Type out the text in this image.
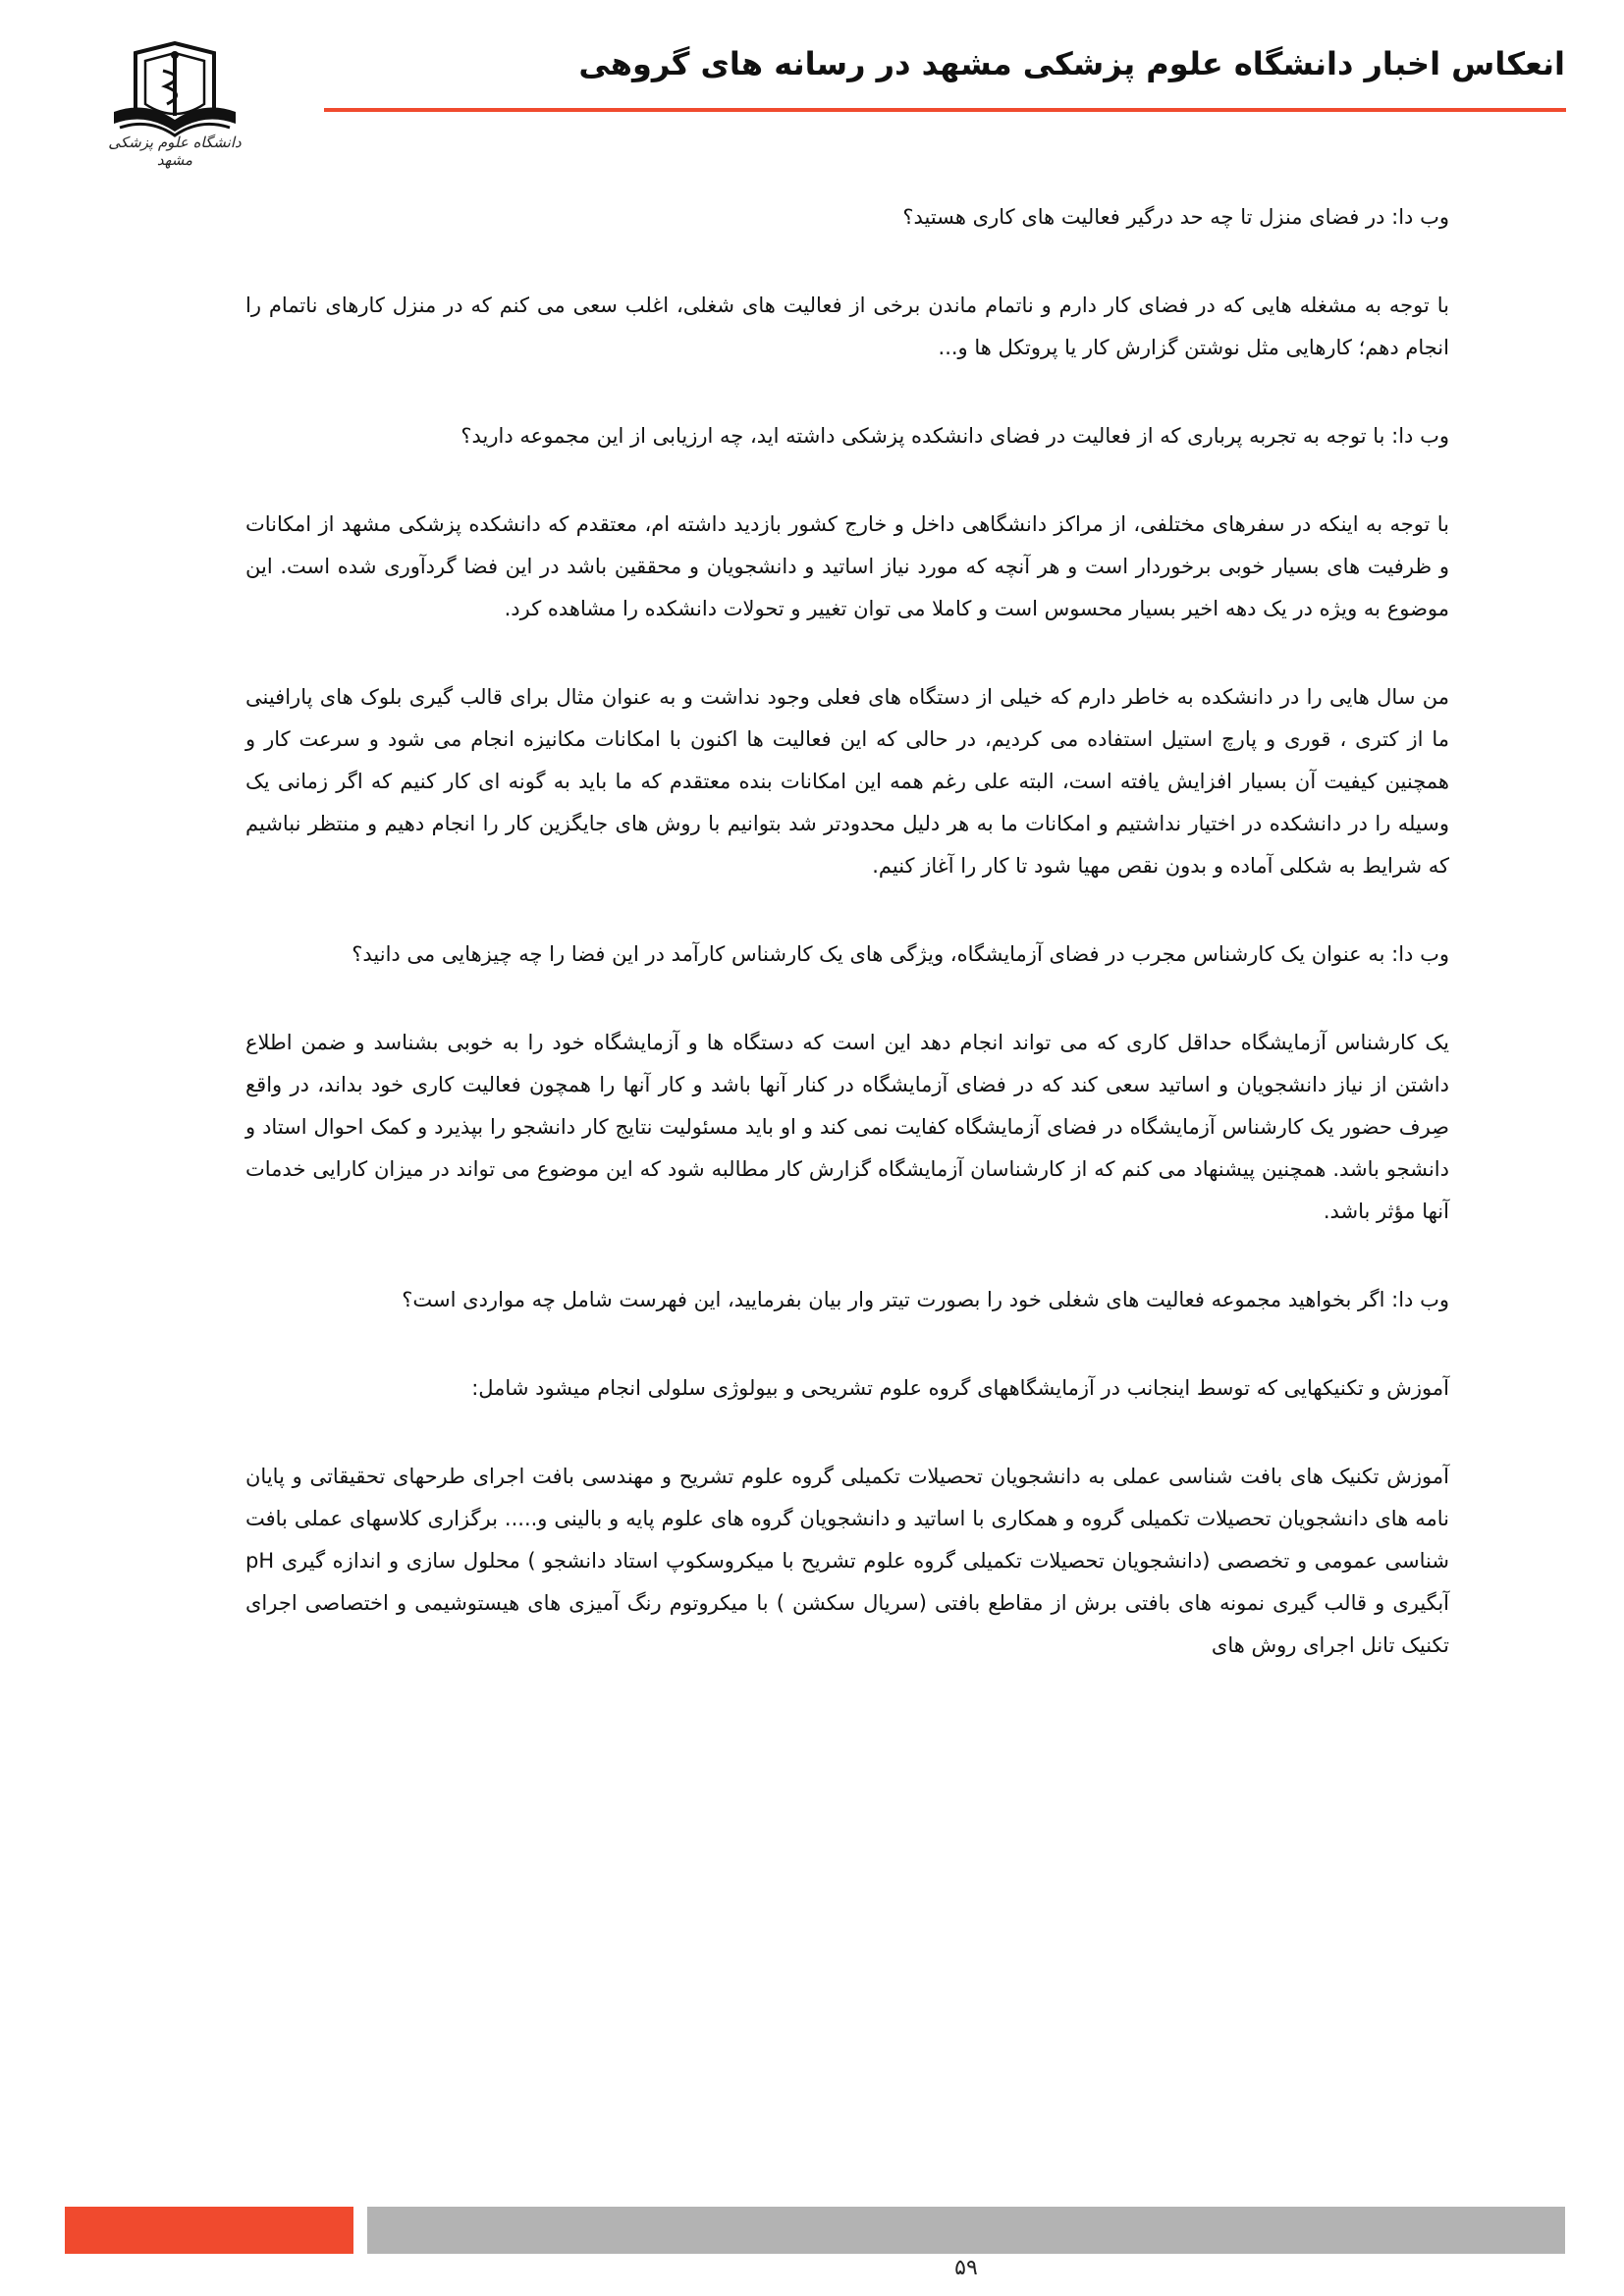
انعکاس اخبار دانشگاه علوم پزشکی مشهد در رسانه های گروهی
دانشگاه علوم پزشکی مشهد

وب دا: در فضای منزل تا چه حد درگیر فعالیت های کاری هستید؟

با توجه به مشغله هایی که در فضای کار دارم و ناتمام ماندن برخی از فعالیت های شغلی، اغلب سعی می کنم که در منزل کارهای ناتمام را انجام دهم؛ کارهایی مثل نوشتن گزارش کار یا پروتکل ها و...

وب دا: با توجه به تجربه پرباری که از فعالیت در فضای دانشکده پزشکی داشته اید، چه ارزیابی از این مجموعه دارید؟

با توجه به اینکه در سفرهای مختلفی، از مراکز دانشگاهی داخل و خارج کشور بازدید داشته ام، معتقدم که دانشکده پزشکی مشهد از امکانات و ظرفیت های بسیار خوبی برخوردار است و هر آنچه که مورد نیاز اساتید و دانشجویان و محققین باشد در این فضا گردآوری شده است. این موضوع به ویژه در یک دهه اخیر بسیار محسوس است و کاملا می توان تغییر و تحولات دانشکده را مشاهده کرد.

من سال هایی را در دانشکده به خاطر دارم که خیلی از دستگاه های فعلی وجود نداشت و به عنوان مثال برای قالب گیری بلوک های پارافینی ما از کتری ، قوری و پارچ استیل استفاده می کردیم، در حالی که این فعالیت ها اکنون با امکانات مکانیزه انجام می شود و سرعت کار و همچنین کیفیت آن بسیار افزایش یافته است، البته علی رغم همه این امکانات بنده معتقدم که ما باید به گونه ای کار کنیم که اگر زمانی یک وسیله را در دانشکده در اختیار نداشتیم و امکانات ما به هر دلیل محدودتر شد بتوانیم با روش های جایگزین کار را انجام دهیم و منتظر نباشیم که شرایط به شکلی آماده و بدون نقص مهیا شود تا کار را آغاز کنیم.

وب دا: به عنوان یک کارشناس مجرب در فضای آزمایشگاه، ویژگی های یک کارشناس کارآمد در این فضا را چه چیزهایی می دانید؟

یک کارشناس آزمایشگاه حداقل کاری که می تواند انجام دهد این است که دستگاه ها و آزمایشگاه خود را به خوبی بشناسد و ضمن اطلاع داشتن از نیاز دانشجویان و اساتید سعی کند که در فضای آزمایشگاه در کنار آنها باشد و کار آنها را همچون فعالیت کاری خود بداند، در واقع صِرف حضور یک کارشناس آزمایشگاه در فضای آزمایشگاه کفایت نمی کند و او باید مسئولیت نتایج کار دانشجو را بپذیرد و کمک احوال استاد و دانشجو باشد. همچنین پیشنهاد می کنم که از کارشناسان آزمایشگاه گزارش کار مطالبه شود که این موضوع می تواند در میزان کارایی خدمات آنها مؤثر باشد.

وب دا: اگر بخواهید مجموعه فعالیت های شغلی خود را بصورت تیتر وار بیان بفرمایید، این فهرست شامل چه مواردی است؟

آموزش و تکنیکهایی که توسط اینجانب در آزمایشگاههای گروه علوم تشریحی و بیولوژی سلولی انجام میشود شامل:

آموزش تکنیک های بافت شناسی عملی به دانشجویان تحصیلات تکمیلی گروه علوم تشریح و مهندسی بافت اجرای طرحهای تحقیقاتی و پایان نامه های دانشجویان تحصیلات تکمیلی گروه و همکاری با اساتید و دانشجویان گروه های علوم پایه و بالینی و..... برگزاری کلاسهای عملی بافت شناسی عمومی و تخصصی (دانشجویان تحصیلات تکمیلی گروه علوم تشریح با میکروسکوپ استاد دانشجو ) محلول سازی و اندازه گیری pH آبگیری و قالب گیری نمونه های بافتی برش از مقاطع بافتی (سریال سکشن ) با میکروتوم رنگ آمیزی های هیستوشیمی و اختصاصی اجرای تکنیک تانل اجرای روش های

۵۹
